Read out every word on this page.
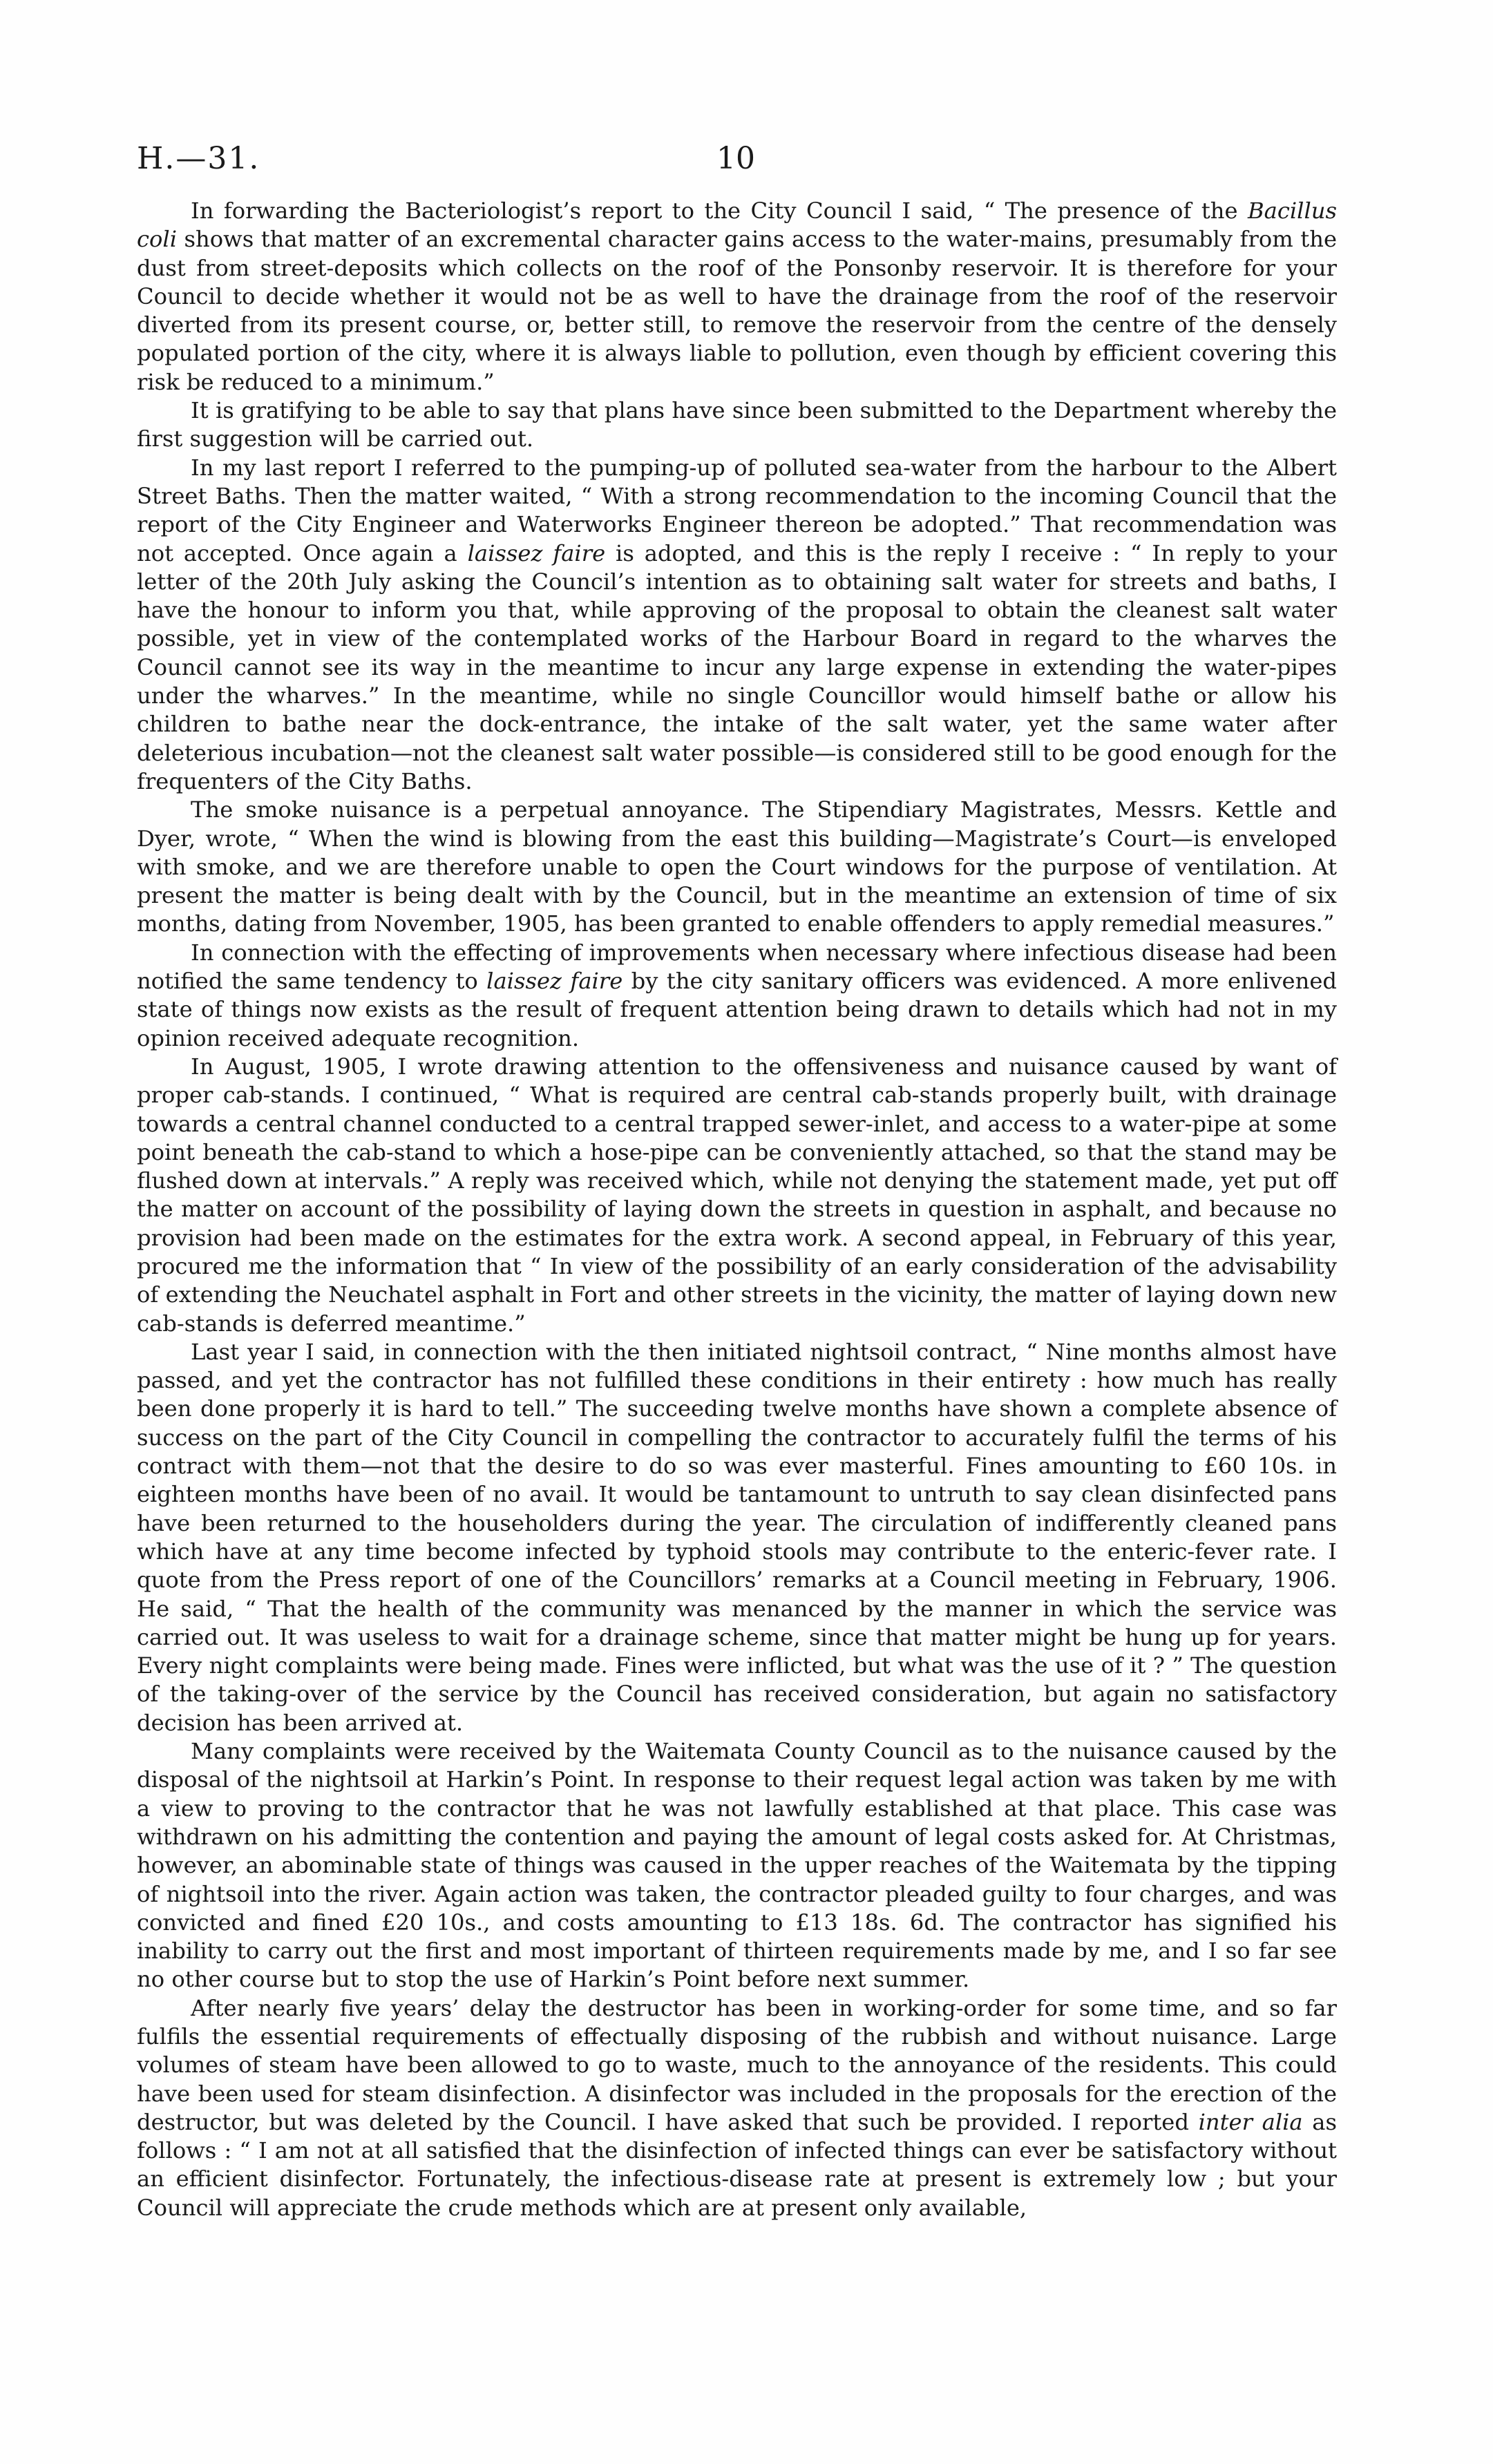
H.—31.	10

In forwarding the Bacteriologist’s report to the City Council I said, “ The presence of the Bacillus coli shows that matter of an excremental character gains access to the water-mains, presumably from the dust from street-deposits which collects on the roof of the Ponsonby reservoir. It is therefore for your Council to decide whether it would not be as well to have the drainage from the roof of the reservoir diverted from its present course, or, better still, to remove the reservoir from the centre of the densely populated portion of the city, where it is always liable to pollution, even though by efficient covering this risk be reduced to a minimum.”

It is gratifying to be able to say that plans have since been submitted to the Department whereby the first suggestion will be carried out.

In my last report I referred to the pumping-up of polluted sea-water from the harbour to the Albert Street Baths. Then the matter waited, “ With a strong recommendation to the incoming Council that the report of the City Engineer and Waterworks Engineer thereon be adopted.” That recommendation was not accepted. Once again a laissez faire is adopted, and this is the reply I receive : “ In reply to your letter of the 20th July asking the Council’s intention as to obtaining salt water for streets and baths, I have the honour to inform you that, while approving of the proposal to obtain the cleanest salt water possible, yet in view of the contemplated works of the Harbour Board in regard to the wharves the Council cannot see its way in the meantime to incur any large expense in extending the water-pipes under the wharves.” In the meantime, while no single Councillor would himself bathe or allow his children to bathe near the dock-entrance, the intake of the salt water, yet the same water after deleterious incubation—not the cleanest salt water possible—is considered still to be good enough for the frequenters of the City Baths.

The smoke nuisance is a perpetual annoyance. The Stipendiary Magistrates, Messrs. Kettle and Dyer, wrote, “ When the wind is blowing from the east this building—Magistrate’s Court—is enveloped with smoke, and we are therefore unable to open the Court windows for the purpose of ventilation. At present the matter is being dealt with by the Council, but in the meantime an extension of time of six months, dating from November, 1905, has been granted to enable offenders to apply remedial measures.”

In connection with the effecting of improvements when necessary where infectious disease had been notified the same tendency to laissez faire by the city sanitary officers was evidenced. A more enlivened state of things now exists as the result of frequent attention being drawn to details which had not in my opinion received adequate recognition.

In August, 1905, I wrote drawing attention to the offensiveness and nuisance caused by want of proper cab-stands. I continued, “ What is required are central cab-stands properly built, with drainage towards a central channel conducted to a central trapped sewer-inlet, and access to a water-pipe at some point beneath the cab-stand to which a hose-pipe can be conveniently attached, so that the stand may be flushed down at intervals.” A reply was received which, while not denying the statement made, yet put off the matter on account of the possibility of laying down the streets in question in asphalt, and because no provision had been made on the estimates for the extra work. A second appeal, in February of this year, procured me the information that “ In view of the possibility of an early consideration of the advisability of extending the Neuchatel asphalt in Fort and other streets in the vicinity, the matter of laying down new cab-stands is deferred meantime.”

Last year I said, in connection with the then initiated nightsoil contract, “ Nine months almost have passed, and yet the contractor has not fulfilled these conditions in their entirety : how much has really been done properly it is hard to tell.” The succeeding twelve months have shown a complete absence of success on the part of the City Council in compelling the contractor to accurately fulfil the terms of his contract with them—not that the desire to do so was ever masterful. Fines amounting to £60 10s. in eighteen months have been of no avail. It would be tantamount to untruth to say clean disinfected pans have been returned to the householders during the year. The circulation of indifferently cleaned pans which have at any time become infected by typhoid stools may contribute to the enteric-fever rate. I quote from the Press report of one of the Councillors’ remarks at a Council meeting in February, 1906. He said, “ That the health of the community was menanced by the manner in which the service was carried out. It was useless to wait for a drainage scheme, since that matter might be hung up for years. Every night complaints were being made. Fines were inflicted, but what was the use of it ? ” The question of the taking-over of the service by the Council has received consideration, but again no satisfactory decision has been arrived at.

Many complaints were received by the Waitemata County Council as to the nuisance caused by the disposal of the nightsoil at Harkin’s Point. In response to their request legal action was taken by me with a view to proving to the contractor that he was not lawfully established at that place. This case was withdrawn on his admitting the contention and paying the amount of legal costs asked for. At Christmas, however, an abominable state of things was caused in the upper reaches of the Waitemata by the tipping of nightsoil into the river. Again action was taken, the contractor pleaded guilty to four charges, and was convicted and fined £20 10s., and costs amounting to £13 18s. 6d. The contractor has signified his inability to carry out the first and most important of thirteen requirements made by me, and I so far see no other course but to stop the use of Harkin’s Point before next summer.

After nearly five years’ delay the destructor has been in working-order for some time, and so far fulfils the essential requirements of effectually disposing of the rubbish and without nuisance. Large volumes of steam have been allowed to go to waste, much to the annoyance of the residents. This could have been used for steam disinfection. A disinfector was included in the proposals for the erection of the destructor, but was deleted by the Council. I have asked that such be provided. I reported inter alia as follows : “ I am not at all satisfied that the disinfection of infected things can ever be satisfactory without an efficient disinfector. Fortunately, the infectious-disease rate at present is extremely low ; but your Council will appreciate the crude methods which are at present only available,
